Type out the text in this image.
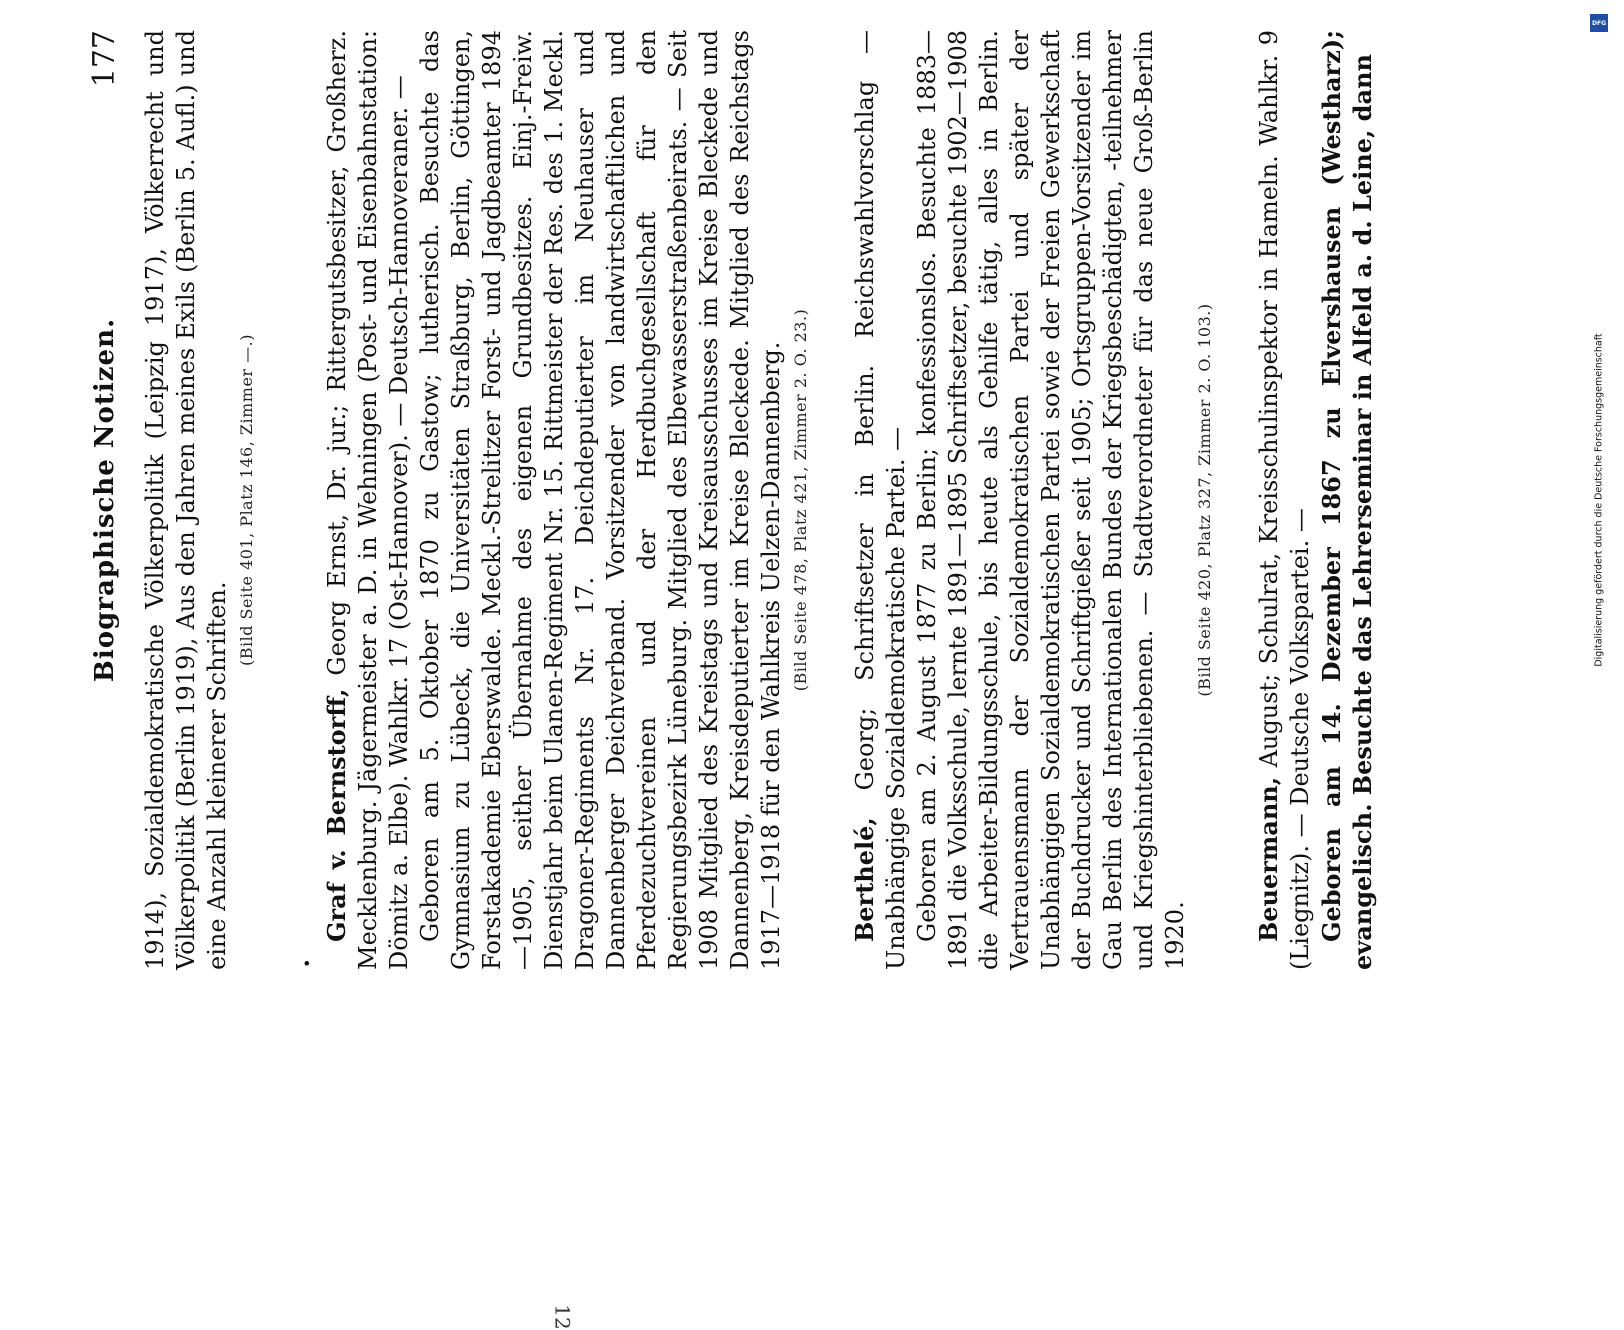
Biographische Notizen.
177 1914), Sozialdemokratische Völkerpolitik (Leipzig 1917), Völkerrecht und Völkerpolitik (Berlin 1919), Aus den Jahren meines Exils (Berlin 5. Aufl.) und eine Anzahl kleinerer Schriften.

(Bild Seite 401, Platz 146, Zimmer —.)
•

Graf v. Bernstorff, Georg Ernst, Dr. jur.; Rittergutsbesitzer, Großherz. Mecklenburg. Jägermeister a. D. in Wehningen (Post- und Eisenbahnstation: Dömitz a. Elbe). Wahlkr. 17 (Ost-Hannover). — Deutsch-Hannoveraner. — Geboren am 5. Oktober 1870 zu Gastow; lutherisch. Besuchte das Gymnasium zu Lübeck, die Universitäten Straßburg, Berlin, Göttingen, Forstakademie Eberswalde. Meckl.-Strelitzer Forst- und Jagdbeamter 1894—1905, seither Übernahme des eigenen Grundbesitzes. Einj.-Freiw. Dienstjahr beim Ulanen-Regiment Nr. 15. Rittmeister der Res. des 1. Meckl. Dragoner-Regiments Nr. 17. Deichdeputierter im Neuhauser und Dannenberger Deichverband. Vorsitzender von landwirtschaftlichen und Pferdezuchtvereinen und der Herdbuchgesellschaft für den Regierungsbezirk Lüneburg. Mitglied des Elbewasserstraßenbeirats. — Seit 1908 Mitglied des Kreistags und Kreisausschusses im Kreise Bleckede und Dannenberg, Kreisdeputierter im Kreise Bleckede. Mitglied des Reichstags 1917—1918 für den Wahlkreis Uelzen-Dannenberg. (Bild Seite 478, Platz 421, Zimmer 2. O. 23.)

Berthelé, Georg; Schriftsetzer in Berlin. Reichswahlvorschlag — Unabhängige Sozialdemokratische Partei. — Geboren am 2. August 1877 zu Berlin; konfessionslos. Besuchte 1883—1891 die Volksschule, lernte 1891—1895 Schriftsetzer, besuchte 1902—1908 die Arbeiter-Bildungsschule, bis heute als Gehilfe tätig, alles in Berlin. Vertrauensmann der Sozialdemokratischen Partei und später der Unabhängigen Sozialdemokratischen Partei sowie der Freien Gewerkschaft der Buchdrucker und Schriftgießer seit 1905; Ortsgruppen-Vorsitzender im Gau Berlin des Internationalen Bundes der Kriegsbeschädigten, -teilnehmer und Kriegshinterbliebenen. — Stadtverordneter für das neue Groß-Berlin 1920.

(Bild Seite 420, Platz 327, Zimmer 2. O. 103.)

Beuermann, August; Schulrat, Kreisschulinspektor in Hameln. Wahlkr. 9 (Liegnitz). — Deutsche Volkspartei. — Geboren am 14. Dezember 1867 zu Elvershausen (Westharz); evangelisch. Besuchte das Lehrerseminar in Alfeld a. d. Leine, dann

12
DFG
Digitalisierung gefördert durch die Deutsche Forschungsgemeinschaft
